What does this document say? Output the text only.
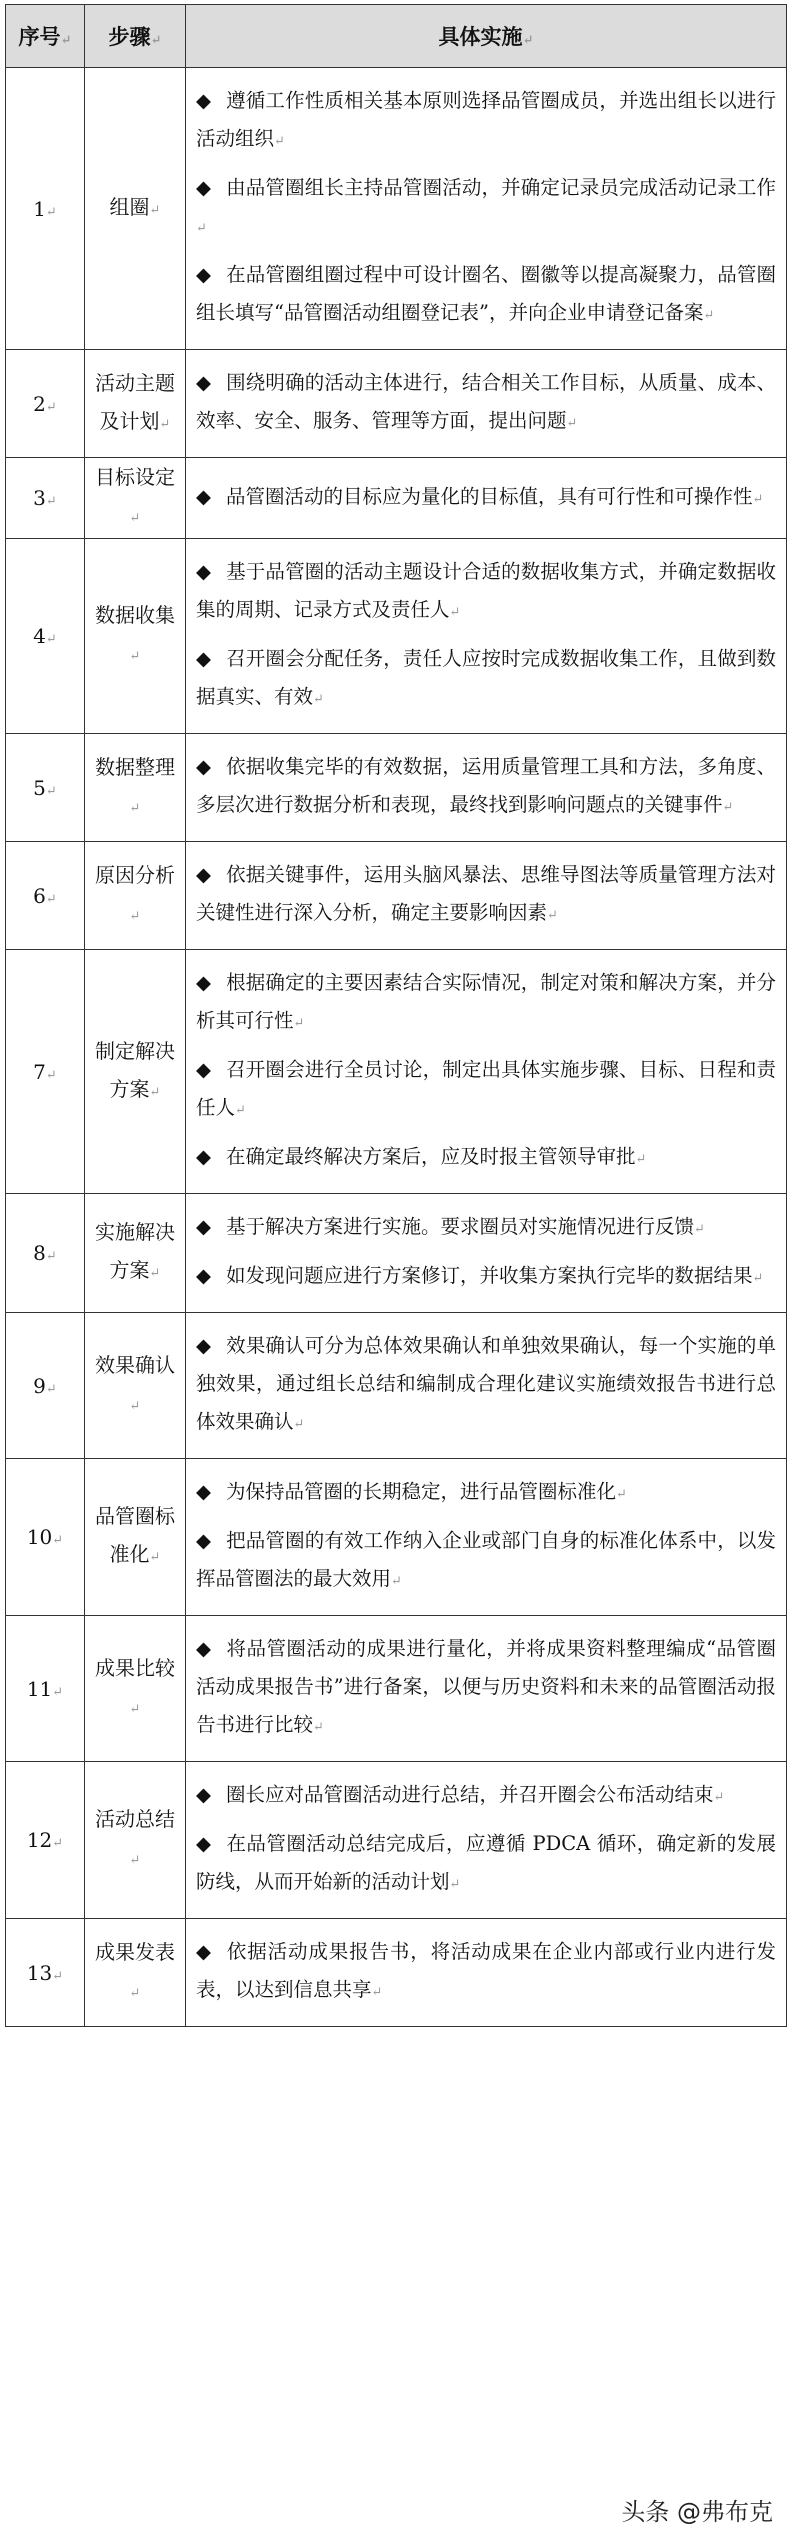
序号↵	步骤↵	具体实施↵
1↵	组圈↵	◆ 遵循工作性质相关基本原则选择品管圈成员，并选出组长以进行活动组织↵
◆ 由品管圈组长主持品管圈活动，并确定记录员完成活动记录工作↵
◆ 在品管圈组圈过程中可设计圈名、圈徽等以提高凝聚力，品管圈组长填写“品管圈活动组圈登记表”，并向企业申请登记备案↵

2↵	活动主题及计划↵	◆ 围绕明确的活动主体进行，结合相关工作目标，从质量、成本、效率、安全、服务、管理等方面，提出问题↵

3↵	目标设定↵	◆ 品管圈活动的目标应为量化的目标值，具有可行性和可操作性↵

4↵	数据收集↵	◆ 基于品管圈的活动主题设计合适的数据收集方式，并确定数据收集的周期、记录方式及责任人↵
◆ 召开圈会分配任务，责任人应按时完成数据收集工作，且做到数据真实、有效↵

5↵	数据整理↵	◆ 依据收集完毕的有效数据，运用质量管理工具和方法，多角度、多层次进行数据分析和表现，最终找到影响问题点的关键事件↵

6↵	原因分析↵	◆ 依据关键事件，运用头脑风暴法、思维导图法等质量管理方法对关键性进行深入分析，确定主要影响因素↵

7↵	制定解决方案↵	◆ 根据确定的主要因素结合实际情况，制定对策和解决方案，并分析其可行性↵
◆ 召开圈会进行全员讨论，制定出具体实施步骤、目标、日程和责任人↵
◆ 在确定最终解决方案后，应及时报主管领导审批↵

8↵	实施解决方案↵	◆ 基于解决方案进行实施。要求圈员对实施情况进行反馈↵
◆ 如发现问题应进行方案修订，并收集方案执行完毕的数据结果↵

9↵	效果确认↵	◆ 效果确认可分为总体效果确认和单独效果确认，每一个实施的单独效果，通过组长总结和编制成合理化建议实施绩效报告书进行总体效果确认↵

10↵	品管圈标准化↵	◆ 为保持品管圈的长期稳定，进行品管圈标准化↵
◆ 把品管圈的有效工作纳入企业或部门自身的标准化体系中，以发挥品管圈法的最大效用↵

11↵	成果比较↵	◆ 将品管圈活动的成果进行量化，并将成果资料整理编成“品管圈活动成果报告书”进行备案，以便与历史资料和未来的品管圈活动报告书进行比较↵

12↵	活动总结↵	◆ 圈长应对品管圈活动进行总结，并召开圈会公布活动结束↵
◆ 在品管圈活动总结完成后，应遵循 PDCA 循环，确定新的发展防线，从而开始新的活动计划↵

13↵	成果发表↵	◆ 依据活动成果报告书，将活动成果在企业内部或行业内进行发表，以达到信息共享↵
头条 @弗布克
